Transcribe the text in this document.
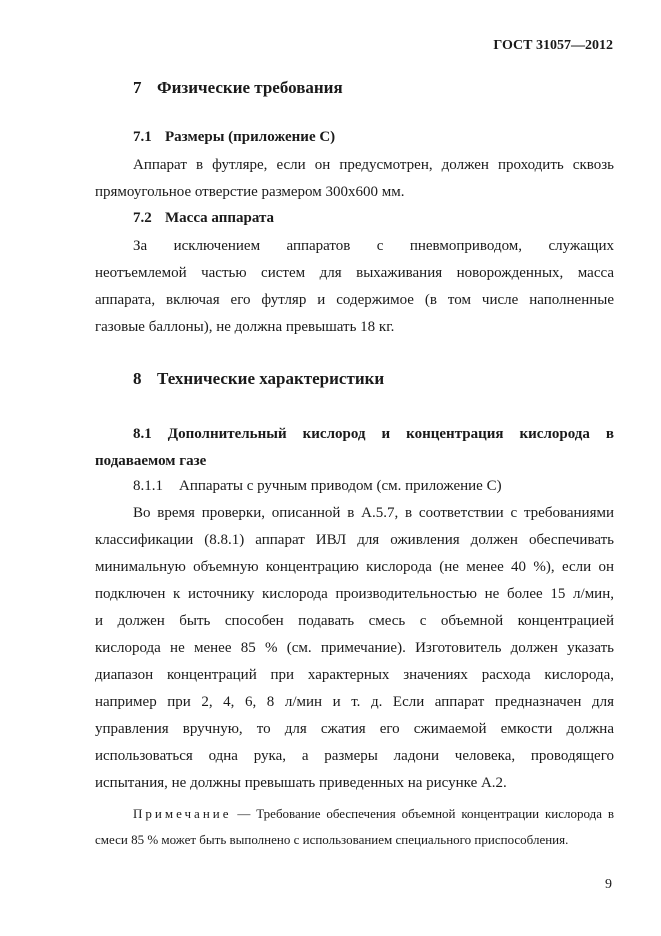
ГОСТ 31057—2012
7 Физические требования
7.1 Размеры (приложение С)
Аппарат в футляре, если он предусмотрен, должен проходить сквозь
прямоугольное отверстие размером 300х600 мм.
7.2 Масса аппарата
За исключением аппаратов с пневмоприводом, служащих
неотъемлемой частью систем для выхаживания новорожденных, масса
аппарата, включая его футляр и содержимое (в том числе наполненные
газовые баллоны), не должна превышать 18 кг.
8 Технические характеристики
8.1 Дополнительный кислород и концентрация кислорода в
подаваемом газе
8.1.1 Аппараты с ручным приводом (см. приложение С)
Во время проверки, описанной в А.5.7, в соответствии с требованиями
классификации (8.8.1) аппарат ИВЛ для оживления должен обеспечивать
минимальную объемную концентрацию кислорода (не менее 40 %), если он
подключен к источнику кислорода производительностью не более 15 л/мин,
и должен быть способен подавать смесь с объемной концентрацией
кислорода не менее 85 % (см. примечание). Изготовитель должен указать
диапазон концентраций при характерных значениях расхода кислорода,
например при 2, 4, 6, 8 л/мин и т. д. Если аппарат предназначен для
управления вручную, то для сжатия его сжимаемой емкости должна
использоваться одна рука, а размеры ладони человека, проводящего
испытания, не должны превышать приведенных на рисунке А.2.
Примечание — Требование обеспечения объемной концентрации кислорода в
смеси 85 % может быть выполнено с использованием специального приспособления.
9
